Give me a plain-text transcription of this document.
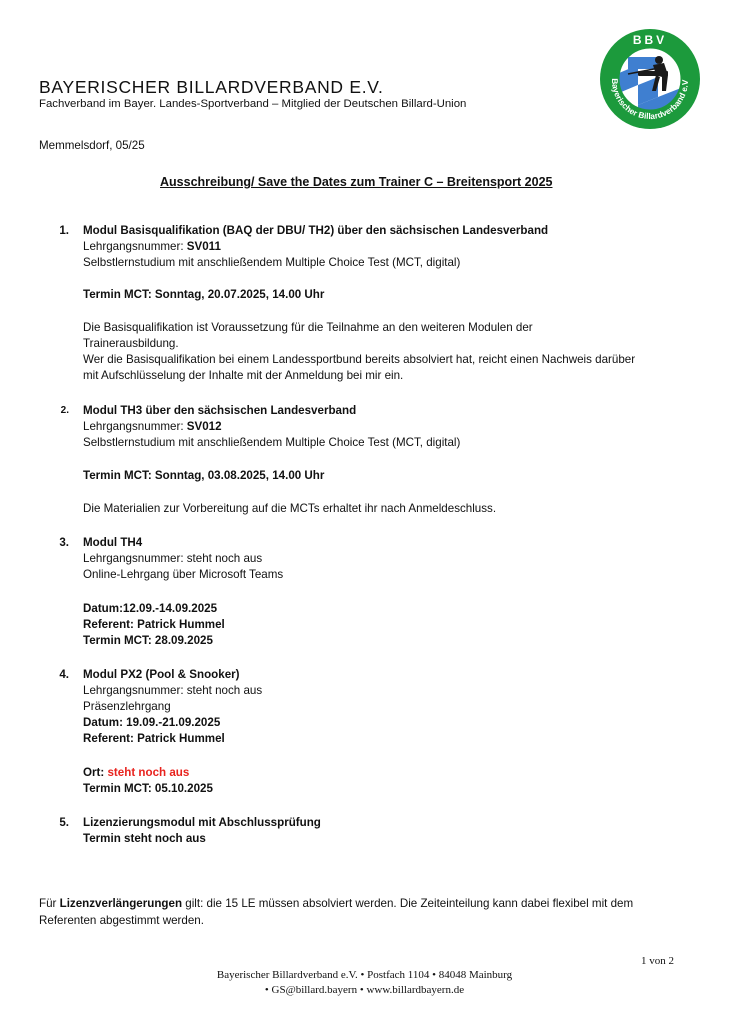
BBV
Bayerischer Billardverband e.V
BAYERISCHER BILLARDVERBAND E.V.
Fachverband im Bayer. Landes-Sportverband – Mitglied der Deutschen Billard-Union
Memmelsdorf, 05/25
Ausschreibung/ Save the Dates zum Trainer C – Breitensport 2025
1. Modul Basisqualifikation (BAQ der DBU/ TH2) über den sächsischen Landesverband
Lehrgangsnummer: SV011
Selbstlernstudium mit anschließendem Multiple Choice Test (MCT, digital)
Termin MCT: Sonntag, 20.07.2025, 14.00 Uhr
Die Basisqualifikation ist Voraussetzung für die Teilnahme an den weiteren Modulen der
Trainerausbildung.
Wer die Basisqualifikation bei einem Landessportbund bereits absolviert hat, reicht einen Nachweis darüber
mit Aufschlüsselung der Inhalte mit der Anmeldung bei mir ein.
2. Modul TH3 über den sächsischen Landesverband
Lehrgangsnummer: SV012
Selbstlernstudium mit anschließendem Multiple Choice Test (MCT, digital)
Termin MCT: Sonntag, 03.08.2025, 14.00 Uhr
Die Materialien zur Vorbereitung auf die MCTs erhaltet ihr nach Anmeldeschluss.
3. Modul TH4
Lehrgangsnummer: steht noch aus
Online-Lehrgang über Microsoft Teams
Datum:12.09.-14.09.2025
Referent: Patrick Hummel
Termin MCT: 28.09.2025
4. Modul PX2 (Pool & Snooker)
Lehrgangsnummer: steht noch aus
Präsenzlehrgang
Datum: 19.09.-21.09.2025
Referent: Patrick Hummel
Ort: steht noch aus
Termin MCT: 05.10.2025
5. Lizenzierungsmodul mit Abschlussprüfung
Termin steht noch aus
Für Lizenzverlängerungen gilt: die 15 LE müssen absolviert werden. Die Zeiteinteilung kann dabei flexibel mit dem
Referenten abgestimmt werden.
1 von 2
Bayerischer Billardverband e.V. • Postfach 1104 • 84048 Mainburg
• GS@billard.bayern • www.billardbayern.de
